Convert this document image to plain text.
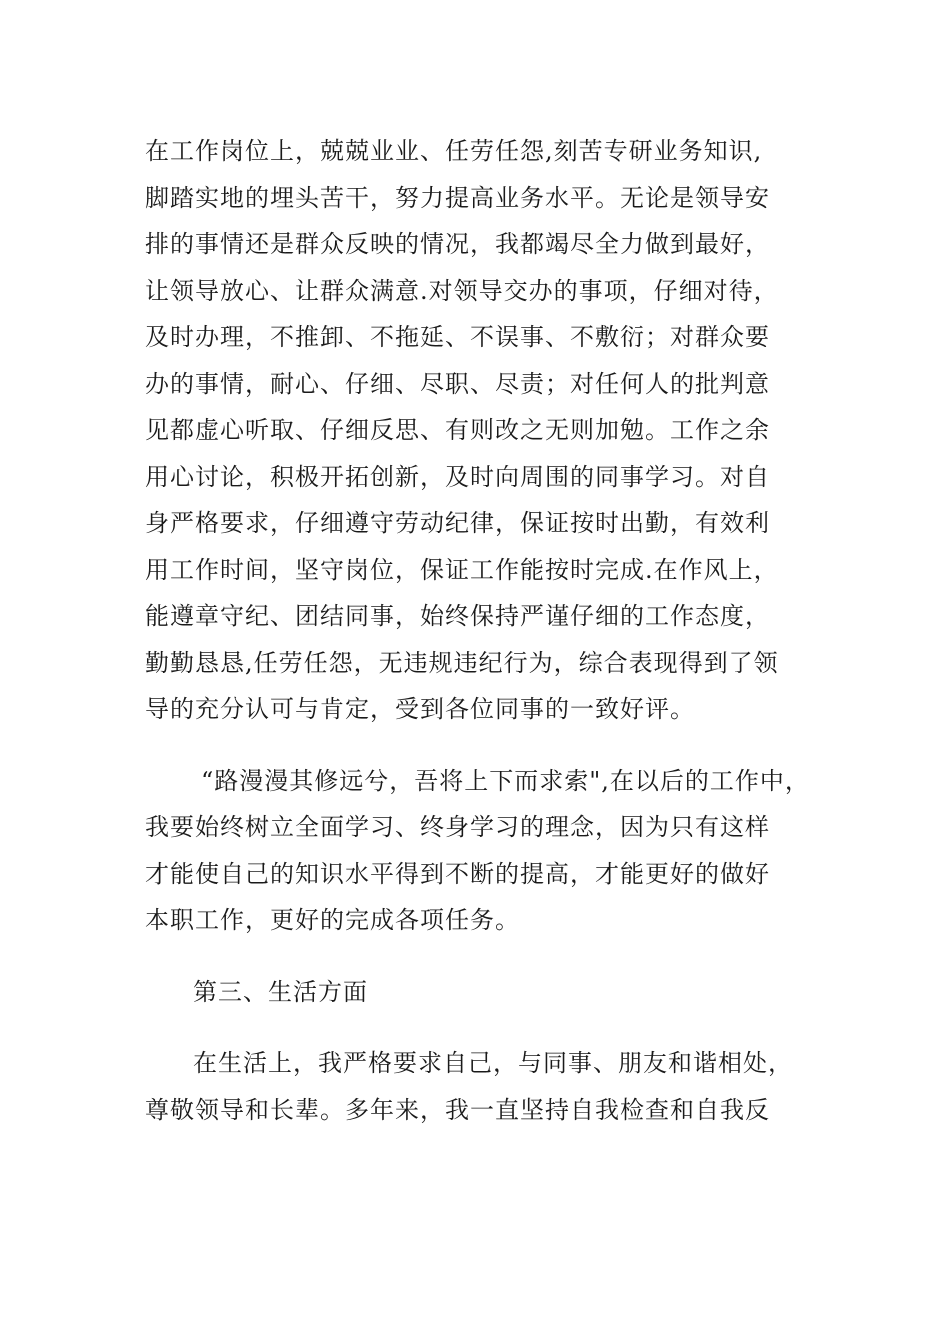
在工作岗位上，兢兢业业、任劳任怨,刻苦专研业务知识,
脚踏实地的埋头苦干，努力提高业务水平。无论是领导安
排的事情还是群众反映的情况，我都竭尽全力做到最好，
让领导放心、让群众满意.对领导交办的事项，仔细对待，
及时办理，不推卸、不拖延、不误事、不敷衍；对群众要
办的事情，耐心、仔细、尽职、尽责；对任何人的批判意
见都虚心听取、仔细反思、有则改之无则加勉。工作之余
用心讨论，积极开拓创新，及时向周围的同事学习。对自
身严格要求，仔细遵守劳动纪律，保证按时出勤，有效利
用工作时间，坚守岗位，保证工作能按时完成.在作风上，
能遵章守纪、团结同事，始终保持严谨仔细的工作态度，
勤勤恳恳,任劳任怨，无违规违纪行为，综合表现得到了领
导的充分认可与肯定，受到各位同事的一致好评。
“路漫漫其修远兮，吾将上下而求索",在以后的工作中，
我要始终树立全面学习、终身学习的理念，因为只有这样
才能使自己的知识水平得到不断的提高，才能更好的做好
本职工作，更好的完成各项任务。
第三、生活方面
在生活上，我严格要求自己，与同事、朋友和谐相处，
尊敬领导和长辈。多年来，我一直坚持自我检查和自我反
